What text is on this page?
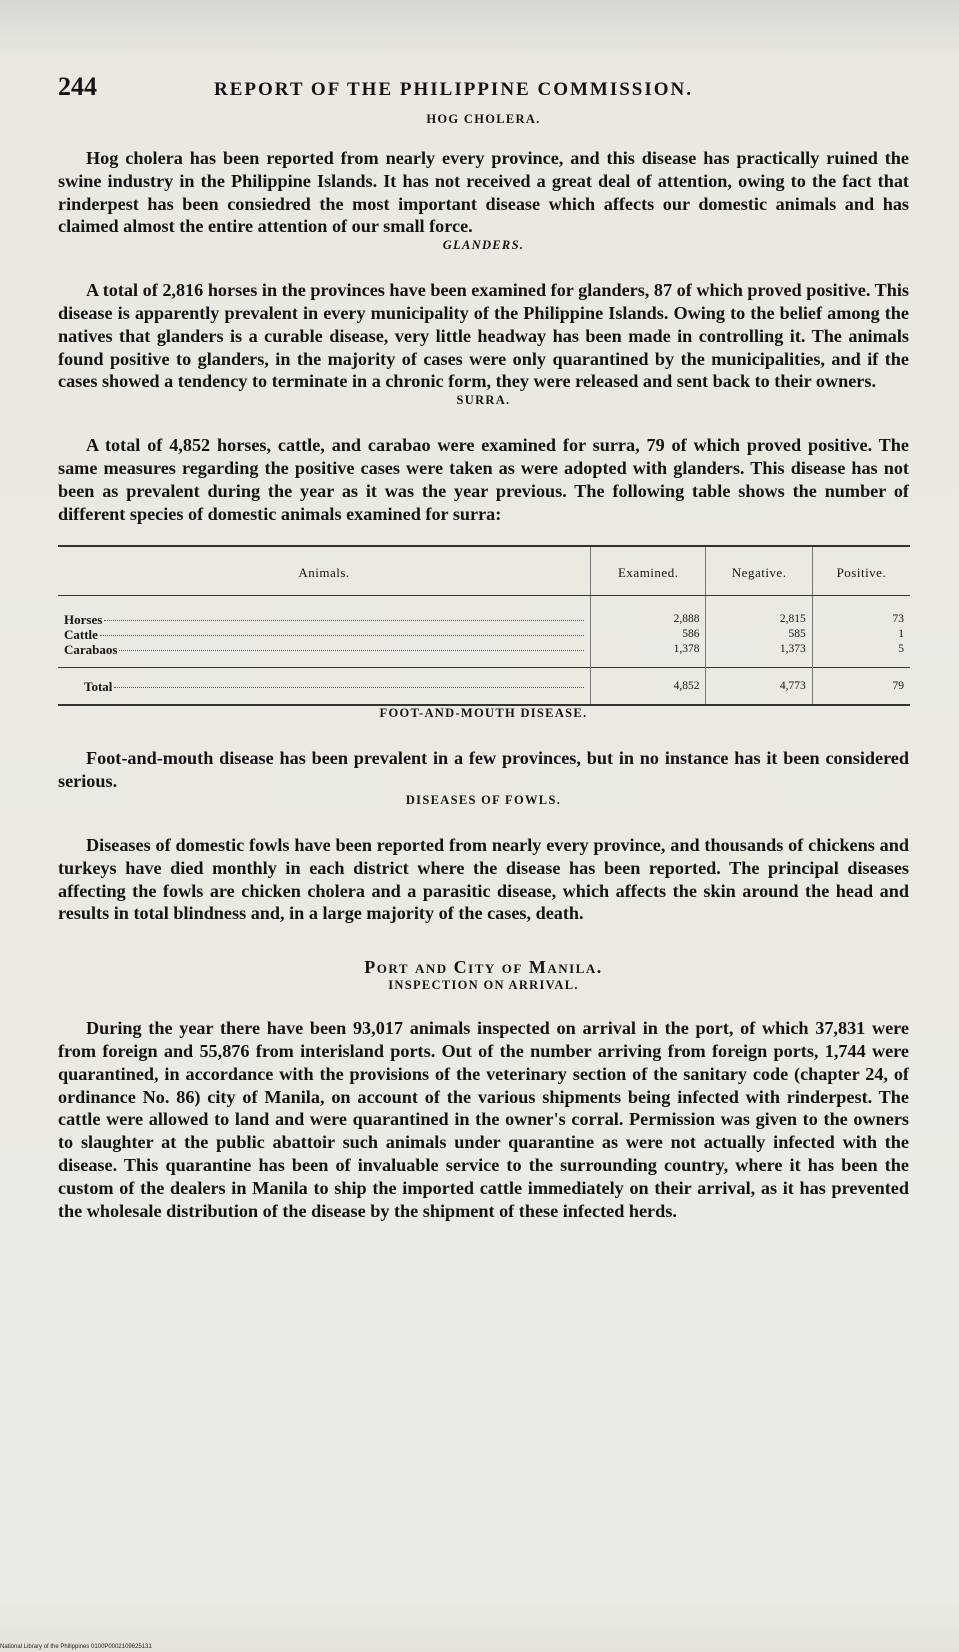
244	REPORT OF THE PHILIPPINE COMMISSION.
HOG CHOLERA.

Hog cholera has been reported from nearly every province, and this disease has practically ruined the swine industry in the Philippine Islands. It has not received a great deal of attention, owing to the fact that rinderpest has been consiedred the most important disease which affects our domestic animals and has claimed almost the entire attention of our small force.

GLANDERS.

A total of 2,816 horses in the provinces have been examined for glanders, 87 of which proved positive. This disease is apparently prevalent in every municipality of the Philippine Islands. Owing to the belief among the natives that glanders is a curable disease, very little headway has been made in controlling it. The animals found positive to glanders, in the majority of cases were only quarantined by the municipalities, and if the cases showed a tendency to terminate in a chronic form, they were released and sent back to their owners.

SURRA.

A total of 4,852 horses, cattle, and carabao were examined for surra, 79 of which proved positive. The same measures regarding the positive cases were taken as were adopted with glanders. This disease has not been as prevalent during the year as it was the year previous. The following table shows the number of different species of domestic animals examined for surra:

Animals.	Examined.	Negative.	Positive.

Horses	2,888	2,815	73

Cattle	586	585	1

Carabaos	1,378	1,373	5

Total	4,852	4,773	79
FOOT-AND-MOUTH DISEASE.

Foot-and-mouth disease has been prevalent in a few provinces, but in no instance has it been considered serious.

DISEASES OF FOWLS.

Diseases of domestic fowls have been reported from nearly every province, and thousands of chickens and turkeys have died monthly in each district where the disease has been reported. The principal diseases affecting the fowls are chicken cholera and a parasitic disease, which affects the skin around the head and results in total blindness and, in a large majority of the cases, death.

Port and City of Manila.
INSPECTION ON ARRIVAL.

During the year there have been 93,017 animals inspected on arrival in the port, of which 37,831 were from foreign and 55,876 from interisland ports. Out of the number arriving from foreign ports, 1,744 were quarantined, in accordance with the provisions of the veterinary section of the sanitary code (chapter 24, of ordinance No. 86) city of Manila, on account of the various shipments being infected with rinderpest. The cattle were allowed to land and were quarantined in the owner's corral. Permission was given to the owners to slaughter at the public abattoir such animals under quarantine as were not actually infected with the disease. This quarantine has been of invaluable service to the surrounding country, where it has been the custom of the dealers in Manila to ship the imported cattle immediately on their arrival, as it has prevented the wholesale distribution of the disease by the shipment of these infected herds.

National Library of the Philippines 0100P0002109625131
